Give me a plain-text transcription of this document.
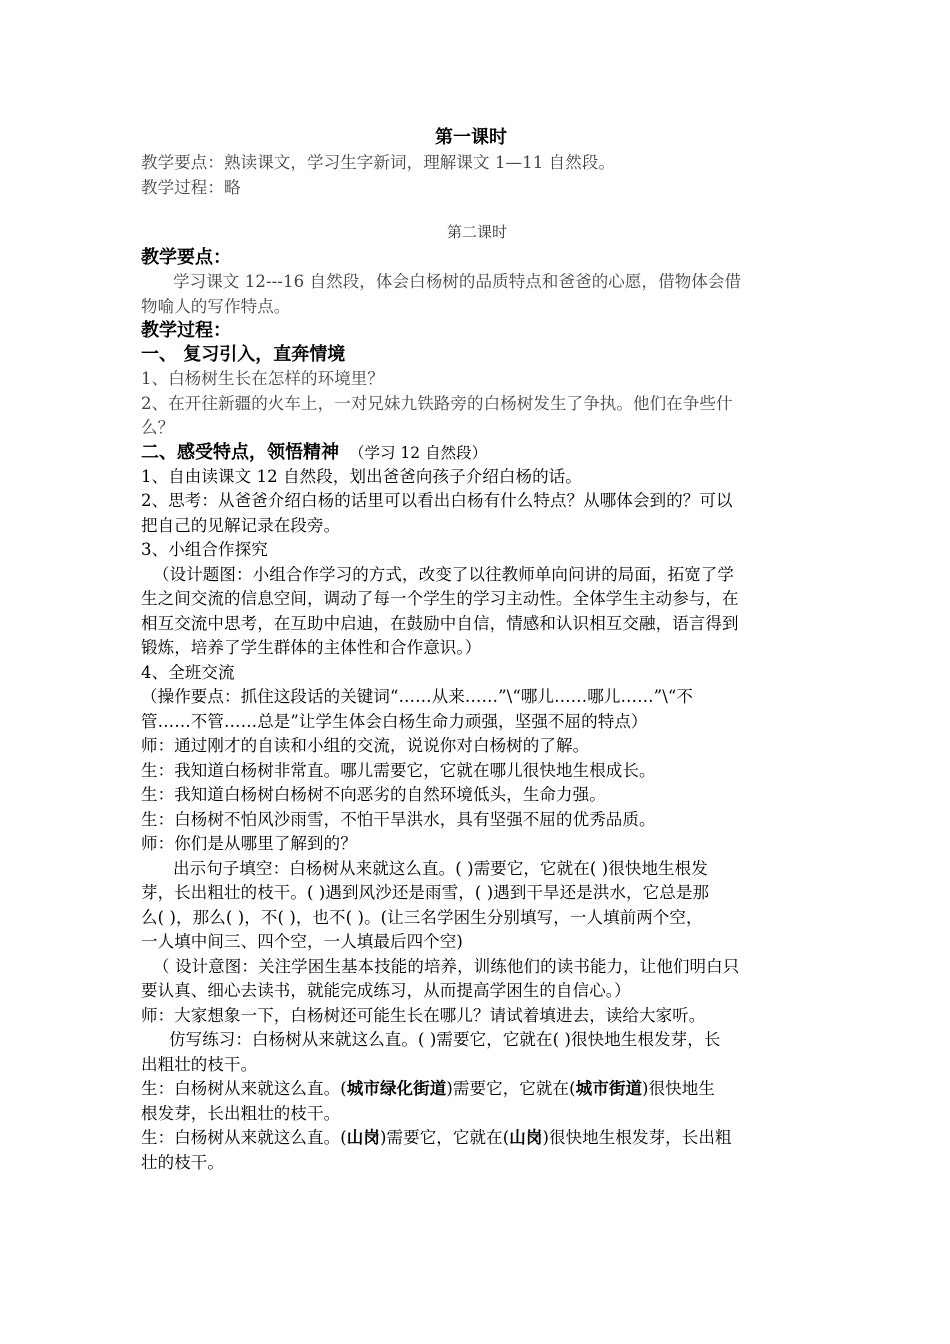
第一课时

教学要点：熟读课文，学习生字新词，理解课文 1—11 自然段。

教学过程：略

第二课时

教学要点：

学习课文 12---16 自然段，体会白杨树的品质特点和爸爸的心愿，借物体会借

物喻人的写作特点。

教学过程：

一、 复习引入，直奔情境

1、白杨树生长在怎样的环境里？

2、在开往新疆的火车上，一对兄妹九铁路旁的白杨树发生了争执。他们在争些什

么？

二、感受特点，领悟精神 （学习 12 自然段）

1、自由读课文 12 自然段，划出爸爸向孩子介绍白杨的话。

2、思考：从爸爸介绍白杨的话里可以看出白杨有什么特点？从哪体会到的？可以

把自己的见解记录在段旁。

3、小组合作探究

（设计题图：小组合作学习的方式，改变了以往教师单向问讲的局面，拓宽了学

生之间交流的信息空间，调动了每一个学生的学习主动性。全体学生主动参与，在

相互交流中思考，在互助中启迪，在鼓励中自信，情感和认识相互交融，语言得到

锻炼，培养了学生群体的主体性和合作意识。）

4、全班交流

（操作要点：抓住这段话的关键词“……从来……”\“哪儿……哪儿……”\“不

管……不管……总是”让学生体会白杨生命力顽强，坚强不屈的特点）

师：通过刚才的自读和小组的交流，说说你对白杨树的了解。

生：我知道白杨树非常直。哪儿需要它，它就在哪儿很快地生根成长。

生：我知道白杨树白杨树不向恶劣的自然环境低头，生命力强。

生：白杨树不怕风沙雨雪，不怕干旱洪水，具有坚强不屈的优秀品质。

师：你们是从哪里了解到的？

出示句子填空：白杨树从来就这么直。( )需要它，它就在( )很快地生根发

芽，长出粗壮的枝干。( )遇到风沙还是雨雪，( )遇到干旱还是洪水，它总是那

么( )，那么( )，不( )，也不( )。(让三名学困生分别填写，一人填前两个空，

一人填中间三、四个空，一人填最后四个空)

（ 设计意图：关注学困生基本技能的培养，训练他们的读书能力，让他们明白只

要认真、细心去读书，就能完成练习，从而提高学困生的自信心。）

师：大家想象一下，白杨树还可能生长在哪儿？请试着填进去，读给大家听。

仿写练习：白杨树从来就这么直。( )需要它，它就在( )很快地生根发芽，长

出粗壮的枝干。

生：白杨树从来就这么直。(城市绿化街道)需要它，它就在(城市街道)很快地生

根发芽，长出粗壮的枝干。

生：白杨树从来就这么直。(山岗)需要它，它就在(山岗)很快地生根发芽，长出粗

壮的枝干。
